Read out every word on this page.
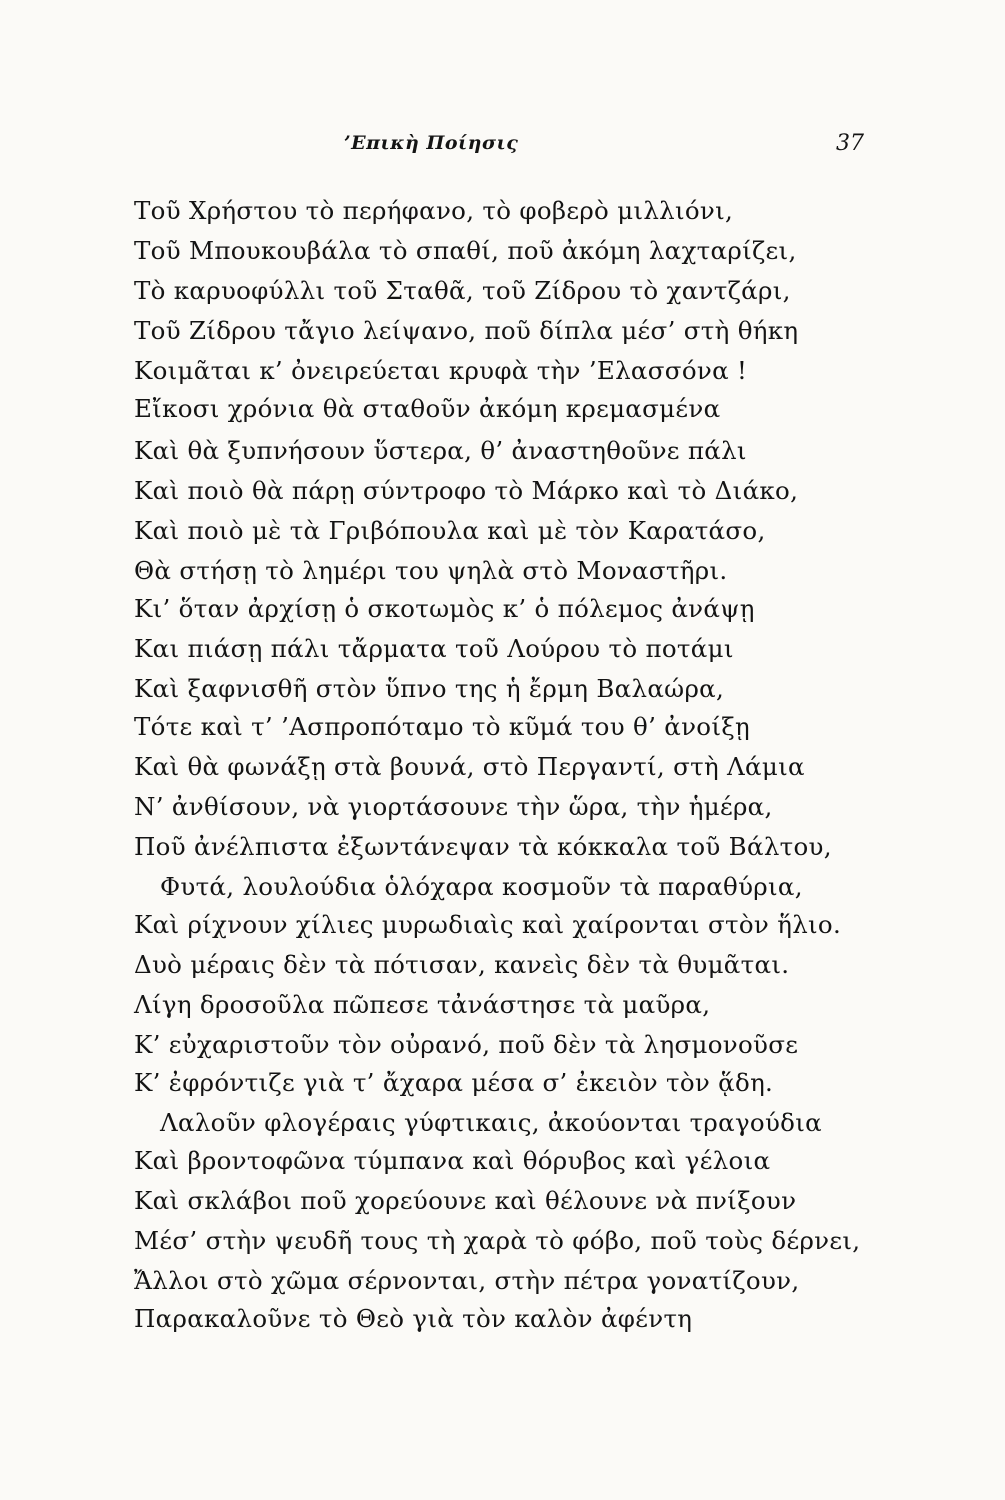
’Επικὴ Ποίησις	37
Τοῦ Χρήστου τὸ περήφανο, τὸ φοβερὸ μιλλιόνι,
Τοῦ Μπουκουβάλα τὸ σπαθί, ποῦ ἀκόμη λαχταρίζει,
Τὸ καρυοφύλλι τοῦ Σταθᾶ, τοῦ Ζίδρου τὸ χαντζάρι,
Τοῦ Ζίδρου τἄγιο λείψανο, ποῦ δίπλα μέσ’ στὴ θήκη
Κοιμᾶται κ’ ὀνειρεύεται κρυφὰ τὴν ’Ελασσόνα !
Εἴκοσι χρόνια θὰ σταθοῦν ἀκόμη κρεμασμένα
Καὶ θὰ ξυπνήσουν ὕστερα, θ’ ἀναστηθοῦνε πάλι
Καὶ ποιὸ θὰ πάρῃ σύντροφο τὸ Μάρκο καὶ τὸ Διάκο,
Καὶ ποιὸ μὲ τὰ Γριβόπουλα καὶ μὲ τὸν Καρατάσο,
Θὰ στήσῃ τὸ λημέρι του ψηλὰ στὸ Μοναστῆρι.
Κι’ ὅταν ἀρχίσῃ ὁ σκοτωμὸς κ’ ὁ πόλεμος ἀνάψῃ
Και πιάσῃ πάλι τἄρματα τοῦ Λούρου τὸ ποτάμι
Καὶ ξαφνισθῆ στὸν ὕπνο της ἡ ἔρμη Βαλαώρα,
Τότε καὶ τ’ ’Ασπροπόταμο τὸ κῦμά του θ’ ἀνοίξῃ
Καὶ θὰ φωνάξῃ στὰ βουνά, στὸ Περγαντί, στὴ Λάμια
Ν’ ἀνθίσουν, νὰ γιορτάσουνε τὴν ὥρα, τὴν ἡμέρα,
Ποῦ ἀνέλπιστα ἐξωντάνεψαν τὰ κόκκαλα τοῦ Βάλτου,
Φυτά, λουλούδια ὁλόχαρα κοσμοῦν τὰ παραθύρια,
Καὶ ρίχνουν χίλιες μυρωδιαὶς καὶ χαίρονται στὸν ἥλιο.
Δυὸ μέραις δὲν τὰ πότισαν, κανεὶς δὲν τὰ θυμᾶται.
Λίγη δροσοῦλα πῶπεσε τἀνάστησε τὰ μαῦρα,
Κ’ εὐχαριστοῦν τὸν οὐρανό, ποῦ δὲν τὰ λησμονοῦσε
Κ’ ἐφρόντιζε γιὰ τ’ ἄχαρα μέσα σ’ ἐκειὸν τὸν ᾅδη.
Λαλοῦν φλογέραις γύφτικαις, ἀκούονται τραγούδια
Καὶ βροντοφῶνα τύμπανα καὶ θόρυβος καὶ γέλοια
Καὶ σκλάβοι ποῦ χορεύουνε καὶ θέλουνε νὰ πνίξουν
Μέσ’ στὴν ψευδῆ τους τὴ χαρὰ τὸ φόβο, ποῦ τοὺς δέρνει,
Ἄλλοι στὸ χῶμα σέρνονται, στὴν πέτρα γονατίζουν,
Παρακαλοῦνε τὸ Θεὸ γιὰ τὸν καλὸν ἀφέντη
